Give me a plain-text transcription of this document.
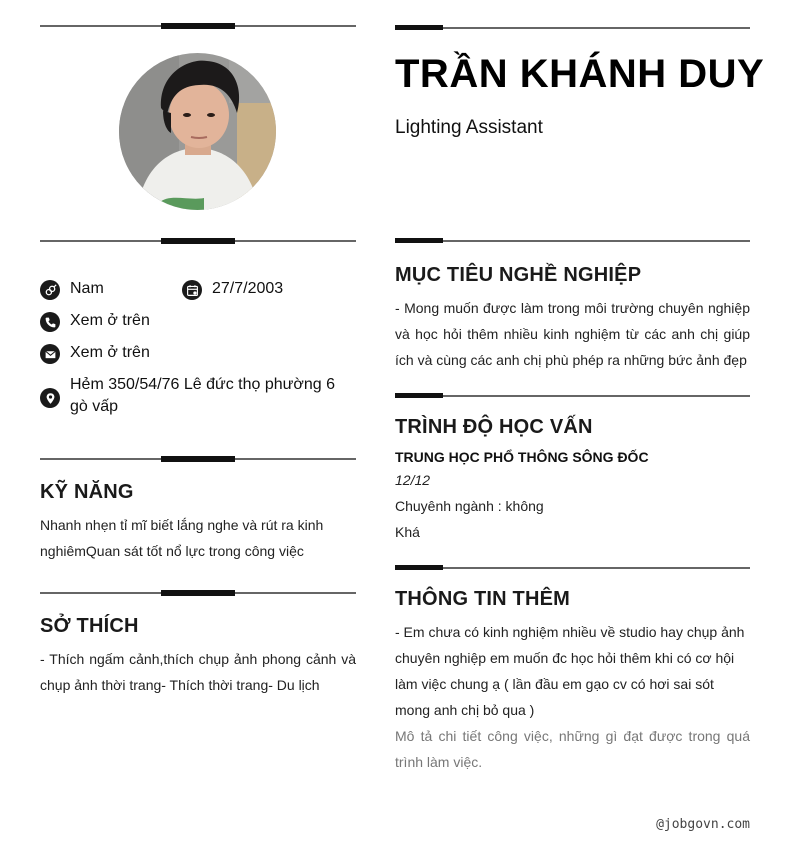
Nam	27/7/2003
Xem ở trên
Xem ở trên
Hẻm 350/54/76 Lê đức thọ phường 6 gò vấp
KỸ NĂNG
Nhanh nhẹn tỉ mĩ biết lắng nghe và rút ra kinh nghiêmQuan sát tốt nổ lực trong công việc
SỞ THÍCH
- Thích ngấm cảnh,thích chụp ảnh phong cảnh và chụp ảnh thời trang- Thích thời trang- Du lịch
TRẦN KHÁNH DUY
Lighting Assistant
MỤC TIÊU NGHỀ NGHIỆP
- Mong muốn được làm trong môi trường chuyên nghiệp và học hỏi thêm nhiều kinh nghiệm từ các anh chị giúp ích và cùng các anh chị phù phép ra những bức ảnh đẹp
TRÌNH ĐỘ HỌC VẤN
TRUNG HỌC PHỔ THÔNG SÔNG ĐỐC
12/12
Chuyênh ngành : không
Khá
THÔNG TIN THÊM
- Em chưa có kinh nghiệm nhiều về studio hay chụp ảnh chuyên nghiệp em muốn đc học hỏi thêm khi có cơ hội làm việc chung ạ ( lần đầu em gạo cv có hơi sai sót mong anh chị bỏ qua )
Mô tả chi tiết công việc, những gì đạt được trong quá trình làm việc.
@jobgovn.com
